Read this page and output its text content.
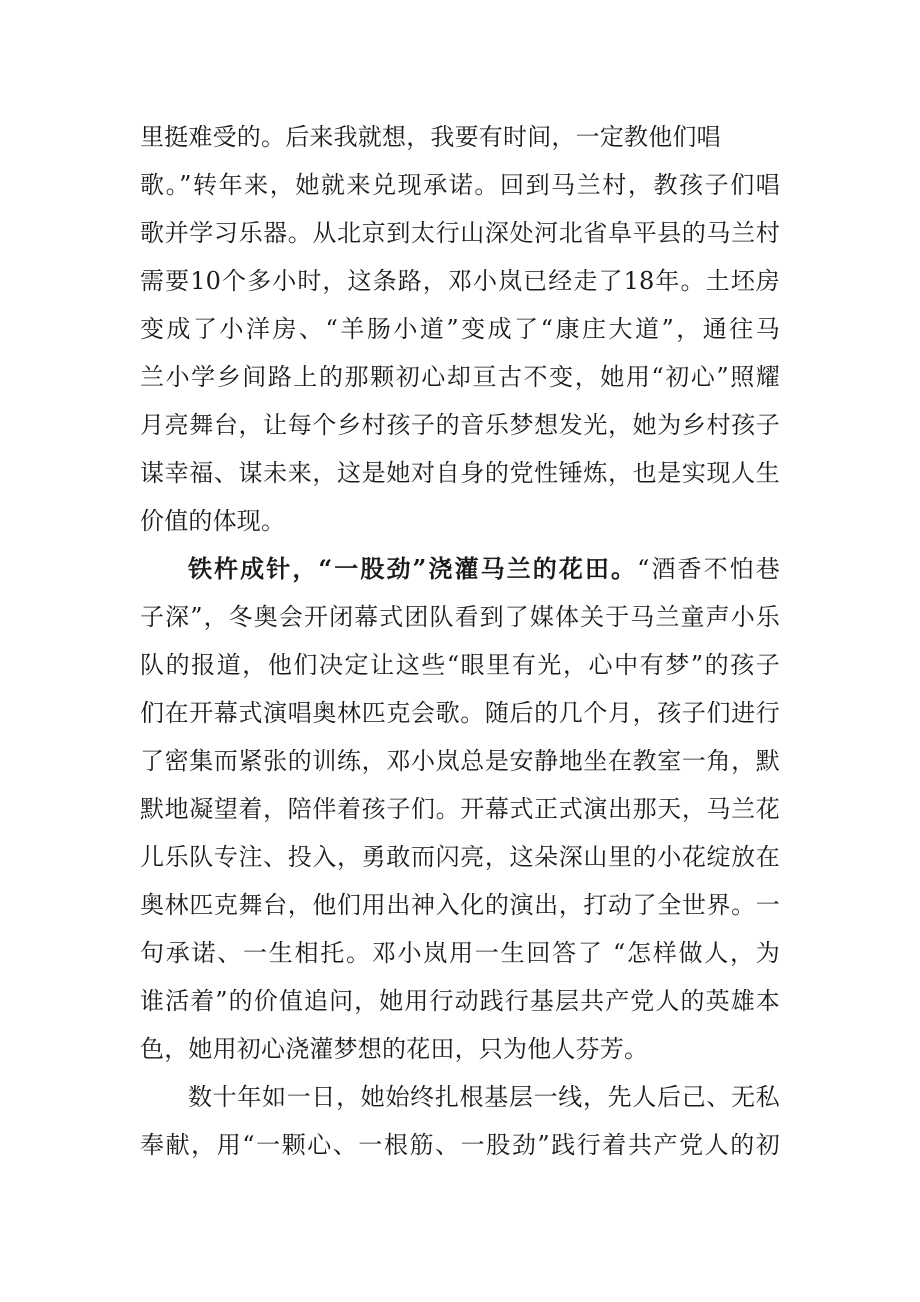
里挺难受的。后来我就想，我要有时间，一定教他们唱
歌。”转年来，她就来兑现承诺。回到马兰村，教孩子们唱
歌并学习乐器。从北京到太行山深处河北省阜平县的马兰村
需要10个多小时，这条路，邓小岚已经走了18年。土坯房
变成了小洋房、“羊肠小道”变成了“康庄大道”，通往马
兰小学乡间路上的那颗初心却亘古不变，她用“初心”照耀
月亮舞台，让每个乡村孩子的音乐梦想发光，她为乡村孩子
谋幸福、谋未来，这是她对自身的党性锤炼，也是实现人生
价值的体现。
铁杵成针，“一股劲”浇灌马兰的花田。“酒香不怕巷
子深”，冬奥会开闭幕式团队看到了媒体关于马兰童声小乐
队的报道，他们决定让这些“眼里有光，心中有梦”的孩子
们在开幕式演唱奥林匹克会歌。随后的几个月，孩子们进行
了密集而紧张的训练，邓小岚总是安静地坐在教室一角，默
默地凝望着，陪伴着孩子们。开幕式正式演出那天，马兰花
儿乐队专注、投入，勇敢而闪亮，这朵深山里的小花绽放在
奥林匹克舞台，他们用出神入化的演出，打动了全世界。一
句承诺、一生相托。邓小岚用一生回答了 “怎样做人，为
谁活着”的价值追问，她用行动践行基层共产党人的英雄本
色，她用初心浇灌梦想的花田，只为他人芬芳。
数十年如一日，她始终扎根基层一线，先人后己、无私
奉献，用“一颗心、一根筋、一股劲”践行着共产党人的初
